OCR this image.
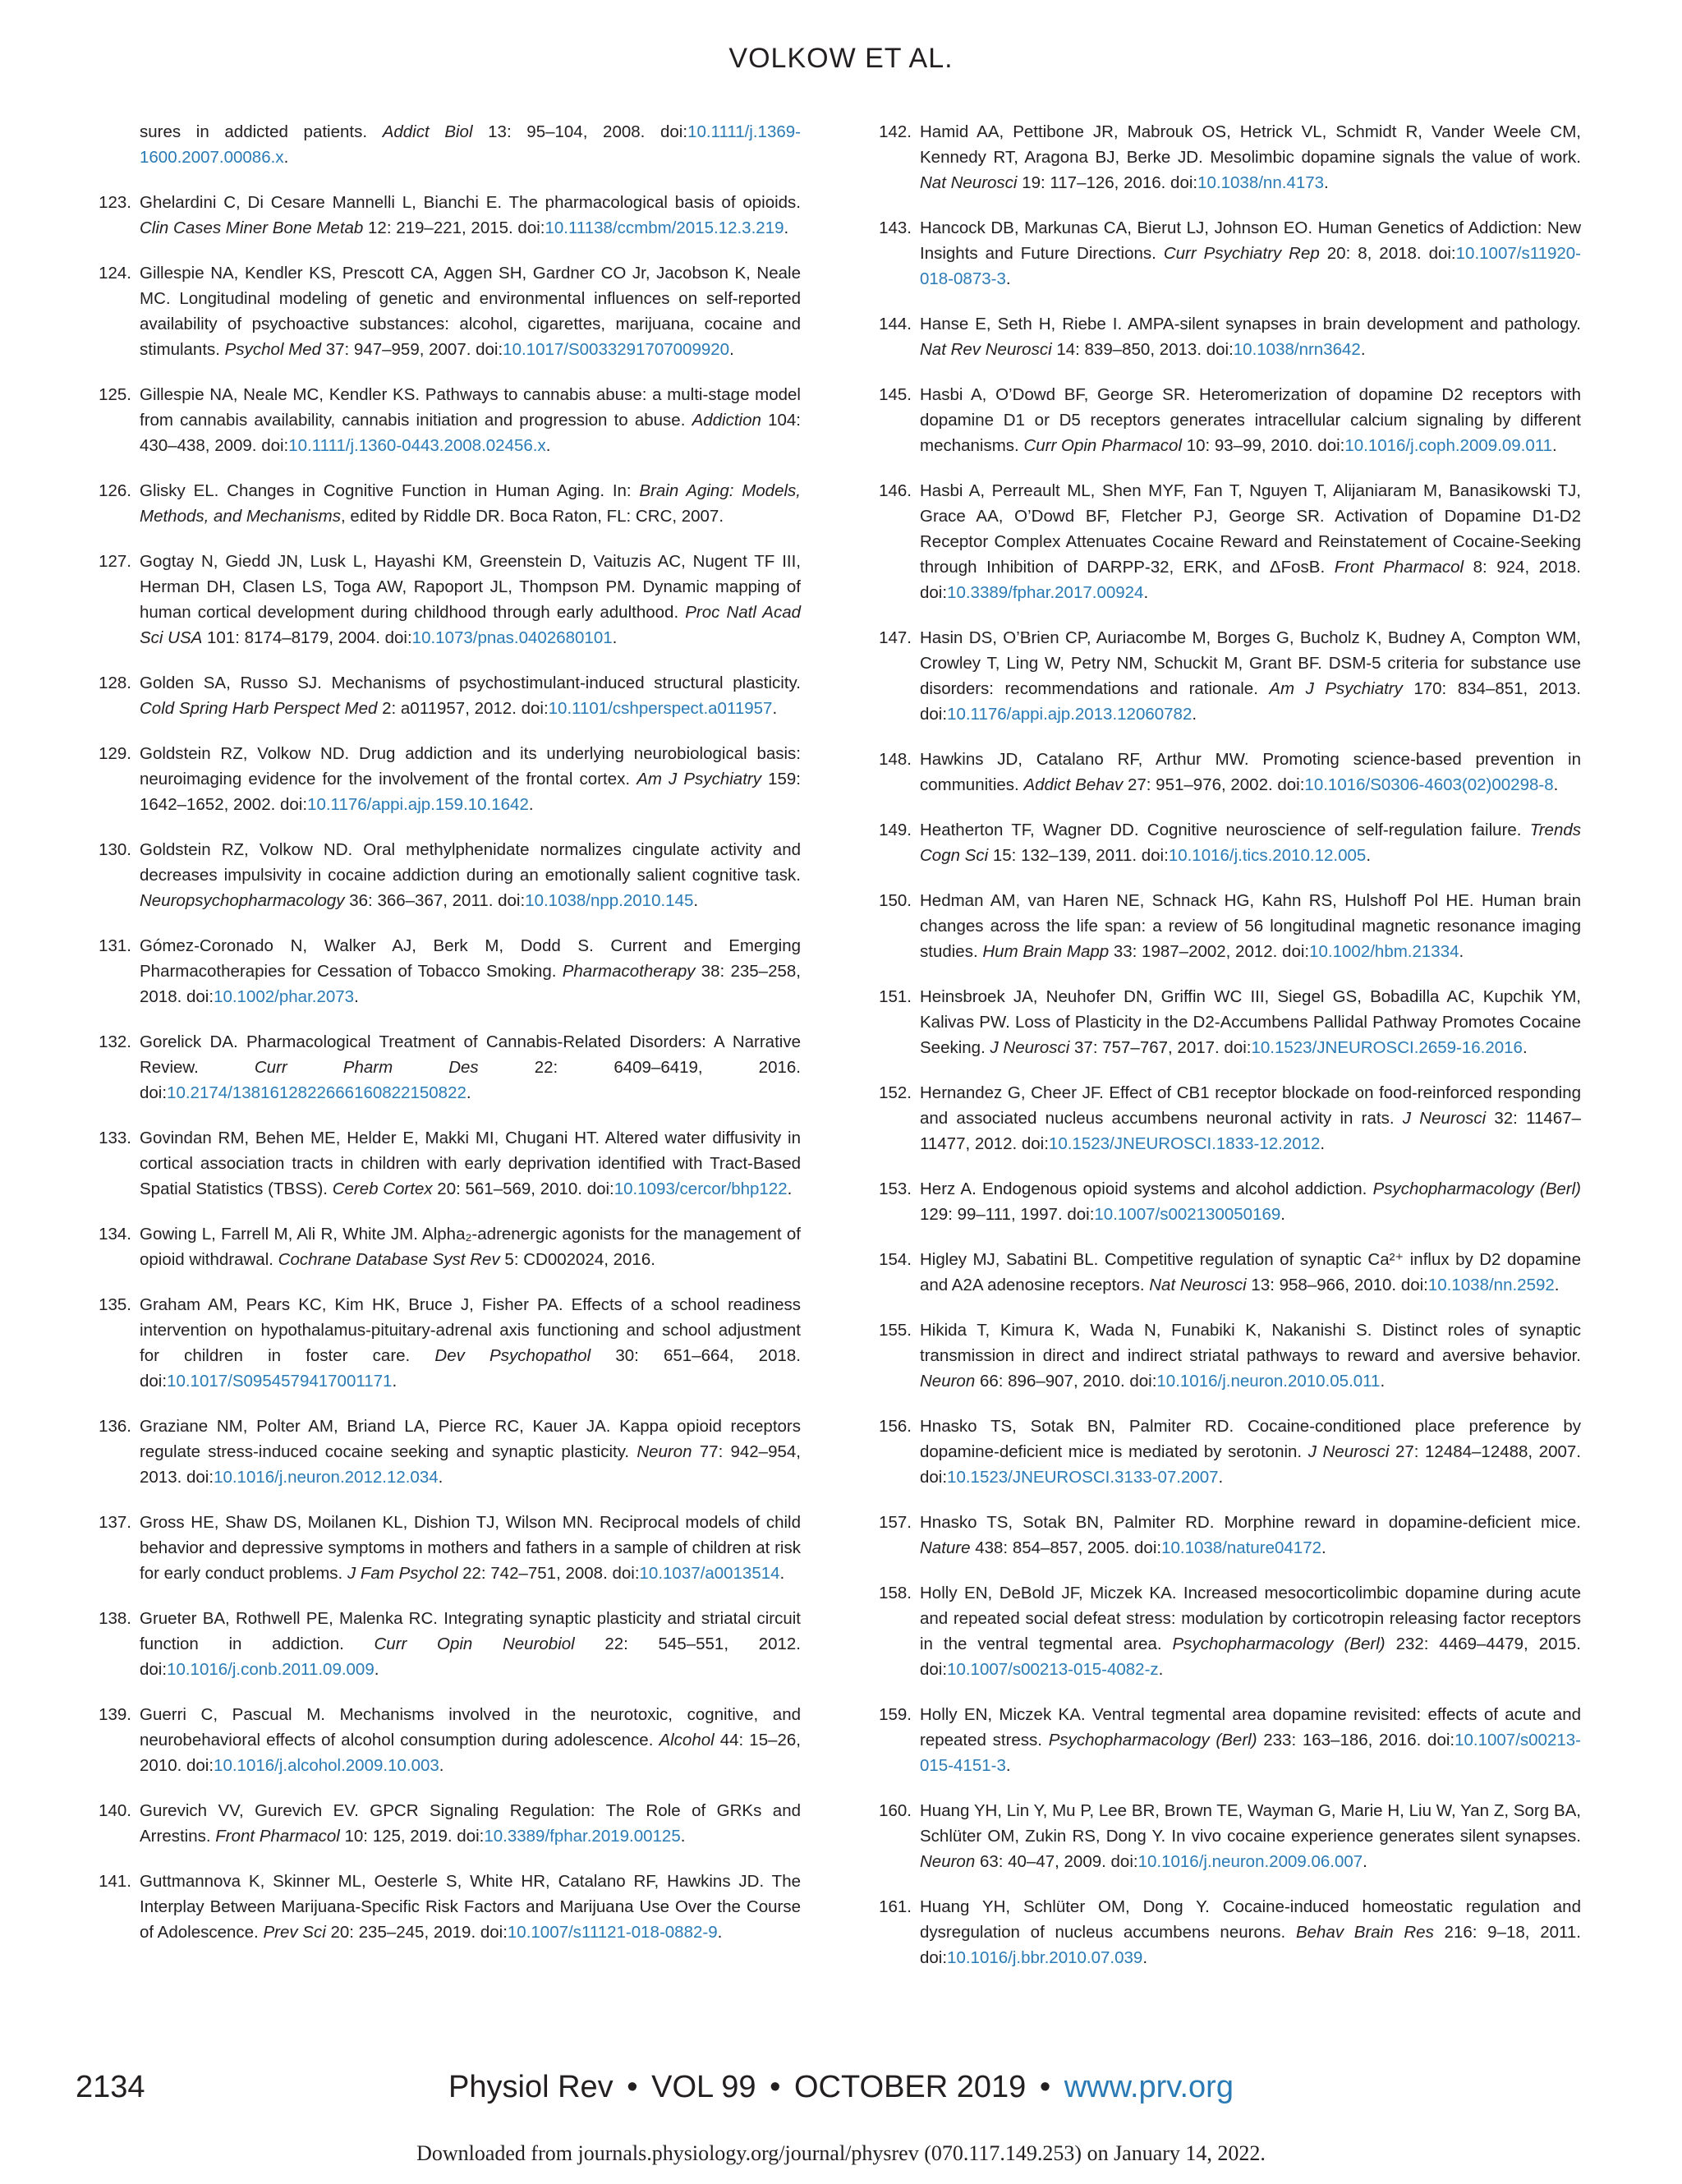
VOLKOW ET AL.
sures in addicted patients. Addict Biol 13: 95–104, 2008. doi:10.1111/j.1369-1600.2007.00086.x.
123. Ghelardini C, Di Cesare Mannelli L, Bianchi E. The pharmacological basis of opioids. Clin Cases Miner Bone Metab 12: 219–221, 2015. doi:10.11138/ccmbm/2015.12.3.219.
124. Gillespie NA, Kendler KS, Prescott CA, Aggen SH, Gardner CO Jr, Jacobson K, Neale MC. Longitudinal modeling of genetic and environmental influences on self-reported availability of psychoactive substances: alcohol, cigarettes, marijuana, cocaine and stimulants. Psychol Med 37: 947–959, 2007. doi:10.1017/S0033291707009920.
125. Gillespie NA, Neale MC, Kendler KS. Pathways to cannabis abuse: a multi-stage model from cannabis availability, cannabis initiation and progression to abuse. Addiction 104: 430–438, 2009. doi:10.1111/j.1360-0443.2008.02456.x.
126. Glisky EL. Changes in Cognitive Function in Human Aging. In: Brain Aging: Models, Methods, and Mechanisms, edited by Riddle DR. Boca Raton, FL: CRC, 2007.
127. Gogtay N, Giedd JN, Lusk L, Hayashi KM, Greenstein D, Vaituzis AC, Nugent TF III, Herman DH, Clasen LS, Toga AW, Rapoport JL, Thompson PM. Dynamic mapping of human cortical development during childhood through early adulthood. Proc Natl Acad Sci USA 101: 8174–8179, 2004. doi:10.1073/pnas.0402680101.
128. Golden SA, Russo SJ. Mechanisms of psychostimulant-induced structural plasticity. Cold Spring Harb Perspect Med 2: a011957, 2012. doi:10.1101/cshperspect.a011957.
129. Goldstein RZ, Volkow ND. Drug addiction and its underlying neurobiological basis: neuroimaging evidence for the involvement of the frontal cortex. Am J Psychiatry 159: 1642–1652, 2002. doi:10.1176/appi.ajp.159.10.1642.
130. Goldstein RZ, Volkow ND. Oral methylphenidate normalizes cingulate activity and decreases impulsivity in cocaine addiction during an emotionally salient cognitive task. Neuropsychopharmacology 36: 366–367, 2011. doi:10.1038/npp.2010.145.
131. Gómez-Coronado N, Walker AJ, Berk M, Dodd S. Current and Emerging Pharmacotherapies for Cessation of Tobacco Smoking. Pharmacotherapy 38: 235–258, 2018. doi:10.1002/phar.2073.
132. Gorelick DA. Pharmacological Treatment of Cannabis-Related Disorders: A Narrative Review. Curr Pharm Des 22: 6409–6419, 2016. doi:10.2174/1381612822666160822150822.
133. Govindan RM, Behen ME, Helder E, Makki MI, Chugani HT. Altered water diffusivity in cortical association tracts in children with early deprivation identified with Tract-Based Spatial Statistics (TBSS). Cereb Cortex 20: 561–569, 2010. doi:10.1093/cercor/bhp122.
134. Gowing L, Farrell M, Ali R, White JM. Alpha₂-adrenergic agonists for the management of opioid withdrawal. Cochrane Database Syst Rev 5: CD002024, 2016.
135. Graham AM, Pears KC, Kim HK, Bruce J, Fisher PA. Effects of a school readiness intervention on hypothalamus-pituitary-adrenal axis functioning and school adjustment for children in foster care. Dev Psychopathol 30: 651–664, 2018. doi:10.1017/S0954579417001171.
136. Graziane NM, Polter AM, Briand LA, Pierce RC, Kauer JA. Kappa opioid receptors regulate stress-induced cocaine seeking and synaptic plasticity. Neuron 77: 942–954, 2013. doi:10.1016/j.neuron.2012.12.034.
137. Gross HE, Shaw DS, Moilanen KL, Dishion TJ, Wilson MN. Reciprocal models of child behavior and depressive symptoms in mothers and fathers in a sample of children at risk for early conduct problems. J Fam Psychol 22: 742–751, 2008. doi:10.1037/a0013514.
138. Grueter BA, Rothwell PE, Malenka RC. Integrating synaptic plasticity and striatal circuit function in addiction. Curr Opin Neurobiol 22: 545–551, 2012. doi:10.1016/j.conb.2011.09.009.
139. Guerri C, Pascual M. Mechanisms involved in the neurotoxic, cognitive, and neurobehavioral effects of alcohol consumption during adolescence. Alcohol 44: 15–26, 2010. doi:10.1016/j.alcohol.2009.10.003.
140. Gurevich VV, Gurevich EV. GPCR Signaling Regulation: The Role of GRKs and Arrestins. Front Pharmacol 10: 125, 2019. doi:10.3389/fphar.2019.00125.
141. Guttmannova K, Skinner ML, Oesterle S, White HR, Catalano RF, Hawkins JD. The Interplay Between Marijuana-Specific Risk Factors and Marijuana Use Over the Course of Adolescence. Prev Sci 20: 235–245, 2019. doi:10.1007/s11121-018-0882-9.
142. Hamid AA, Pettibone JR, Mabrouk OS, Hetrick VL, Schmidt R, Vander Weele CM, Kennedy RT, Aragona BJ, Berke JD. Mesolimbic dopamine signals the value of work. Nat Neurosci 19: 117–126, 2016. doi:10.1038/nn.4173.
143. Hancock DB, Markunas CA, Bierut LJ, Johnson EO. Human Genetics of Addiction: New Insights and Future Directions. Curr Psychiatry Rep 20: 8, 2018. doi:10.1007/s11920-018-0873-3.
144. Hanse E, Seth H, Riebe I. AMPA-silent synapses in brain development and pathology. Nat Rev Neurosci 14: 839–850, 2013. doi:10.1038/nrn3642.
145. Hasbi A, O’Dowd BF, George SR. Heteromerization of dopamine D2 receptors with dopamine D1 or D5 receptors generates intracellular calcium signaling by different mechanisms. Curr Opin Pharmacol 10: 93–99, 2010. doi:10.1016/j.coph.2009.09.011.
146. Hasbi A, Perreault ML, Shen MYF, Fan T, Nguyen T, Alijaniaram M, Banasikowski TJ, Grace AA, O’Dowd BF, Fletcher PJ, George SR. Activation of Dopamine D1-D2 Receptor Complex Attenuates Cocaine Reward and Reinstatement of Cocaine-Seeking through Inhibition of DARPP-32, ERK, and ΔFosB. Front Pharmacol 8: 924, 2018. doi:10.3389/fphar.2017.00924.
147. Hasin DS, O’Brien CP, Auriacombe M, Borges G, Bucholz K, Budney A, Compton WM, Crowley T, Ling W, Petry NM, Schuckit M, Grant BF. DSM-5 criteria for substance use disorders: recommendations and rationale. Am J Psychiatry 170: 834–851, 2013. doi:10.1176/appi.ajp.2013.12060782.
148. Hawkins JD, Catalano RF, Arthur MW. Promoting science-based prevention in communities. Addict Behav 27: 951–976, 2002. doi:10.1016/S0306-4603(02)00298-8.
149. Heatherton TF, Wagner DD. Cognitive neuroscience of self-regulation failure. Trends Cogn Sci 15: 132–139, 2011. doi:10.1016/j.tics.2010.12.005.
150. Hedman AM, van Haren NE, Schnack HG, Kahn RS, Hulshoff Pol HE. Human brain changes across the life span: a review of 56 longitudinal magnetic resonance imaging studies. Hum Brain Mapp 33: 1987–2002, 2012. doi:10.1002/hbm.21334.
151. Heinsbroek JA, Neuhofer DN, Griffin WC III, Siegel GS, Bobadilla AC, Kupchik YM, Kalivas PW. Loss of Plasticity in the D2-Accumbens Pallidal Pathway Promotes Cocaine Seeking. J Neurosci 37: 757–767, 2017. doi:10.1523/JNEUROSCI.2659-16.2016.
152. Hernandez G, Cheer JF. Effect of CB1 receptor blockade on food-reinforced responding and associated nucleus accumbens neuronal activity in rats. J Neurosci 32: 11467–11477, 2012. doi:10.1523/JNEUROSCI.1833-12.2012.
153. Herz A. Endogenous opioid systems and alcohol addiction. Psychopharmacology (Berl) 129: 99–111, 1997. doi:10.1007/s002130050169.
154. Higley MJ, Sabatini BL. Competitive regulation of synaptic Ca²⁺ influx by D2 dopamine and A2A adenosine receptors. Nat Neurosci 13: 958–966, 2010. doi:10.1038/nn.2592.
155. Hikida T, Kimura K, Wada N, Funabiki K, Nakanishi S. Distinct roles of synaptic transmission in direct and indirect striatal pathways to reward and aversive behavior. Neuron 66: 896–907, 2010. doi:10.1016/j.neuron.2010.05.011.
156. Hnasko TS, Sotak BN, Palmiter RD. Cocaine-conditioned place preference by dopamine-deficient mice is mediated by serotonin. J Neurosci 27: 12484–12488, 2007. doi:10.1523/JNEUROSCI.3133-07.2007.
157. Hnasko TS, Sotak BN, Palmiter RD. Morphine reward in dopamine-deficient mice. Nature 438: 854–857, 2005. doi:10.1038/nature04172.
158. Holly EN, DeBold JF, Miczek KA. Increased mesocorticolimbic dopamine during acute and repeated social defeat stress: modulation by corticotropin releasing factor receptors in the ventral tegmental area. Psychopharmacology (Berl) 232: 4469–4479, 2015. doi:10.1007/s00213-015-4082-z.
159. Holly EN, Miczek KA. Ventral tegmental area dopamine revisited: effects of acute and repeated stress. Psychopharmacology (Berl) 233: 163–186, 2016. doi:10.1007/s00213-015-4151-3.
160. Huang YH, Lin Y, Mu P, Lee BR, Brown TE, Wayman G, Marie H, Liu W, Yan Z, Sorg BA, Schlüter OM, Zukin RS, Dong Y. In vivo cocaine experience generates silent synapses. Neuron 63: 40–47, 2009. doi:10.1016/j.neuron.2009.06.007.
161. Huang YH, Schlüter OM, Dong Y. Cocaine-induced homeostatic regulation and dysregulation of nucleus accumbens neurons. Behav Brain Res 216: 9–18, 2011. doi:10.1016/j.bbr.2010.07.039.
2134	Physiol Rev • VOL 99 • OCTOBER 2019 • www.prv.org
Downloaded from journals.physiology.org/journal/physrev (070.117.149.253) on January 14, 2022.
